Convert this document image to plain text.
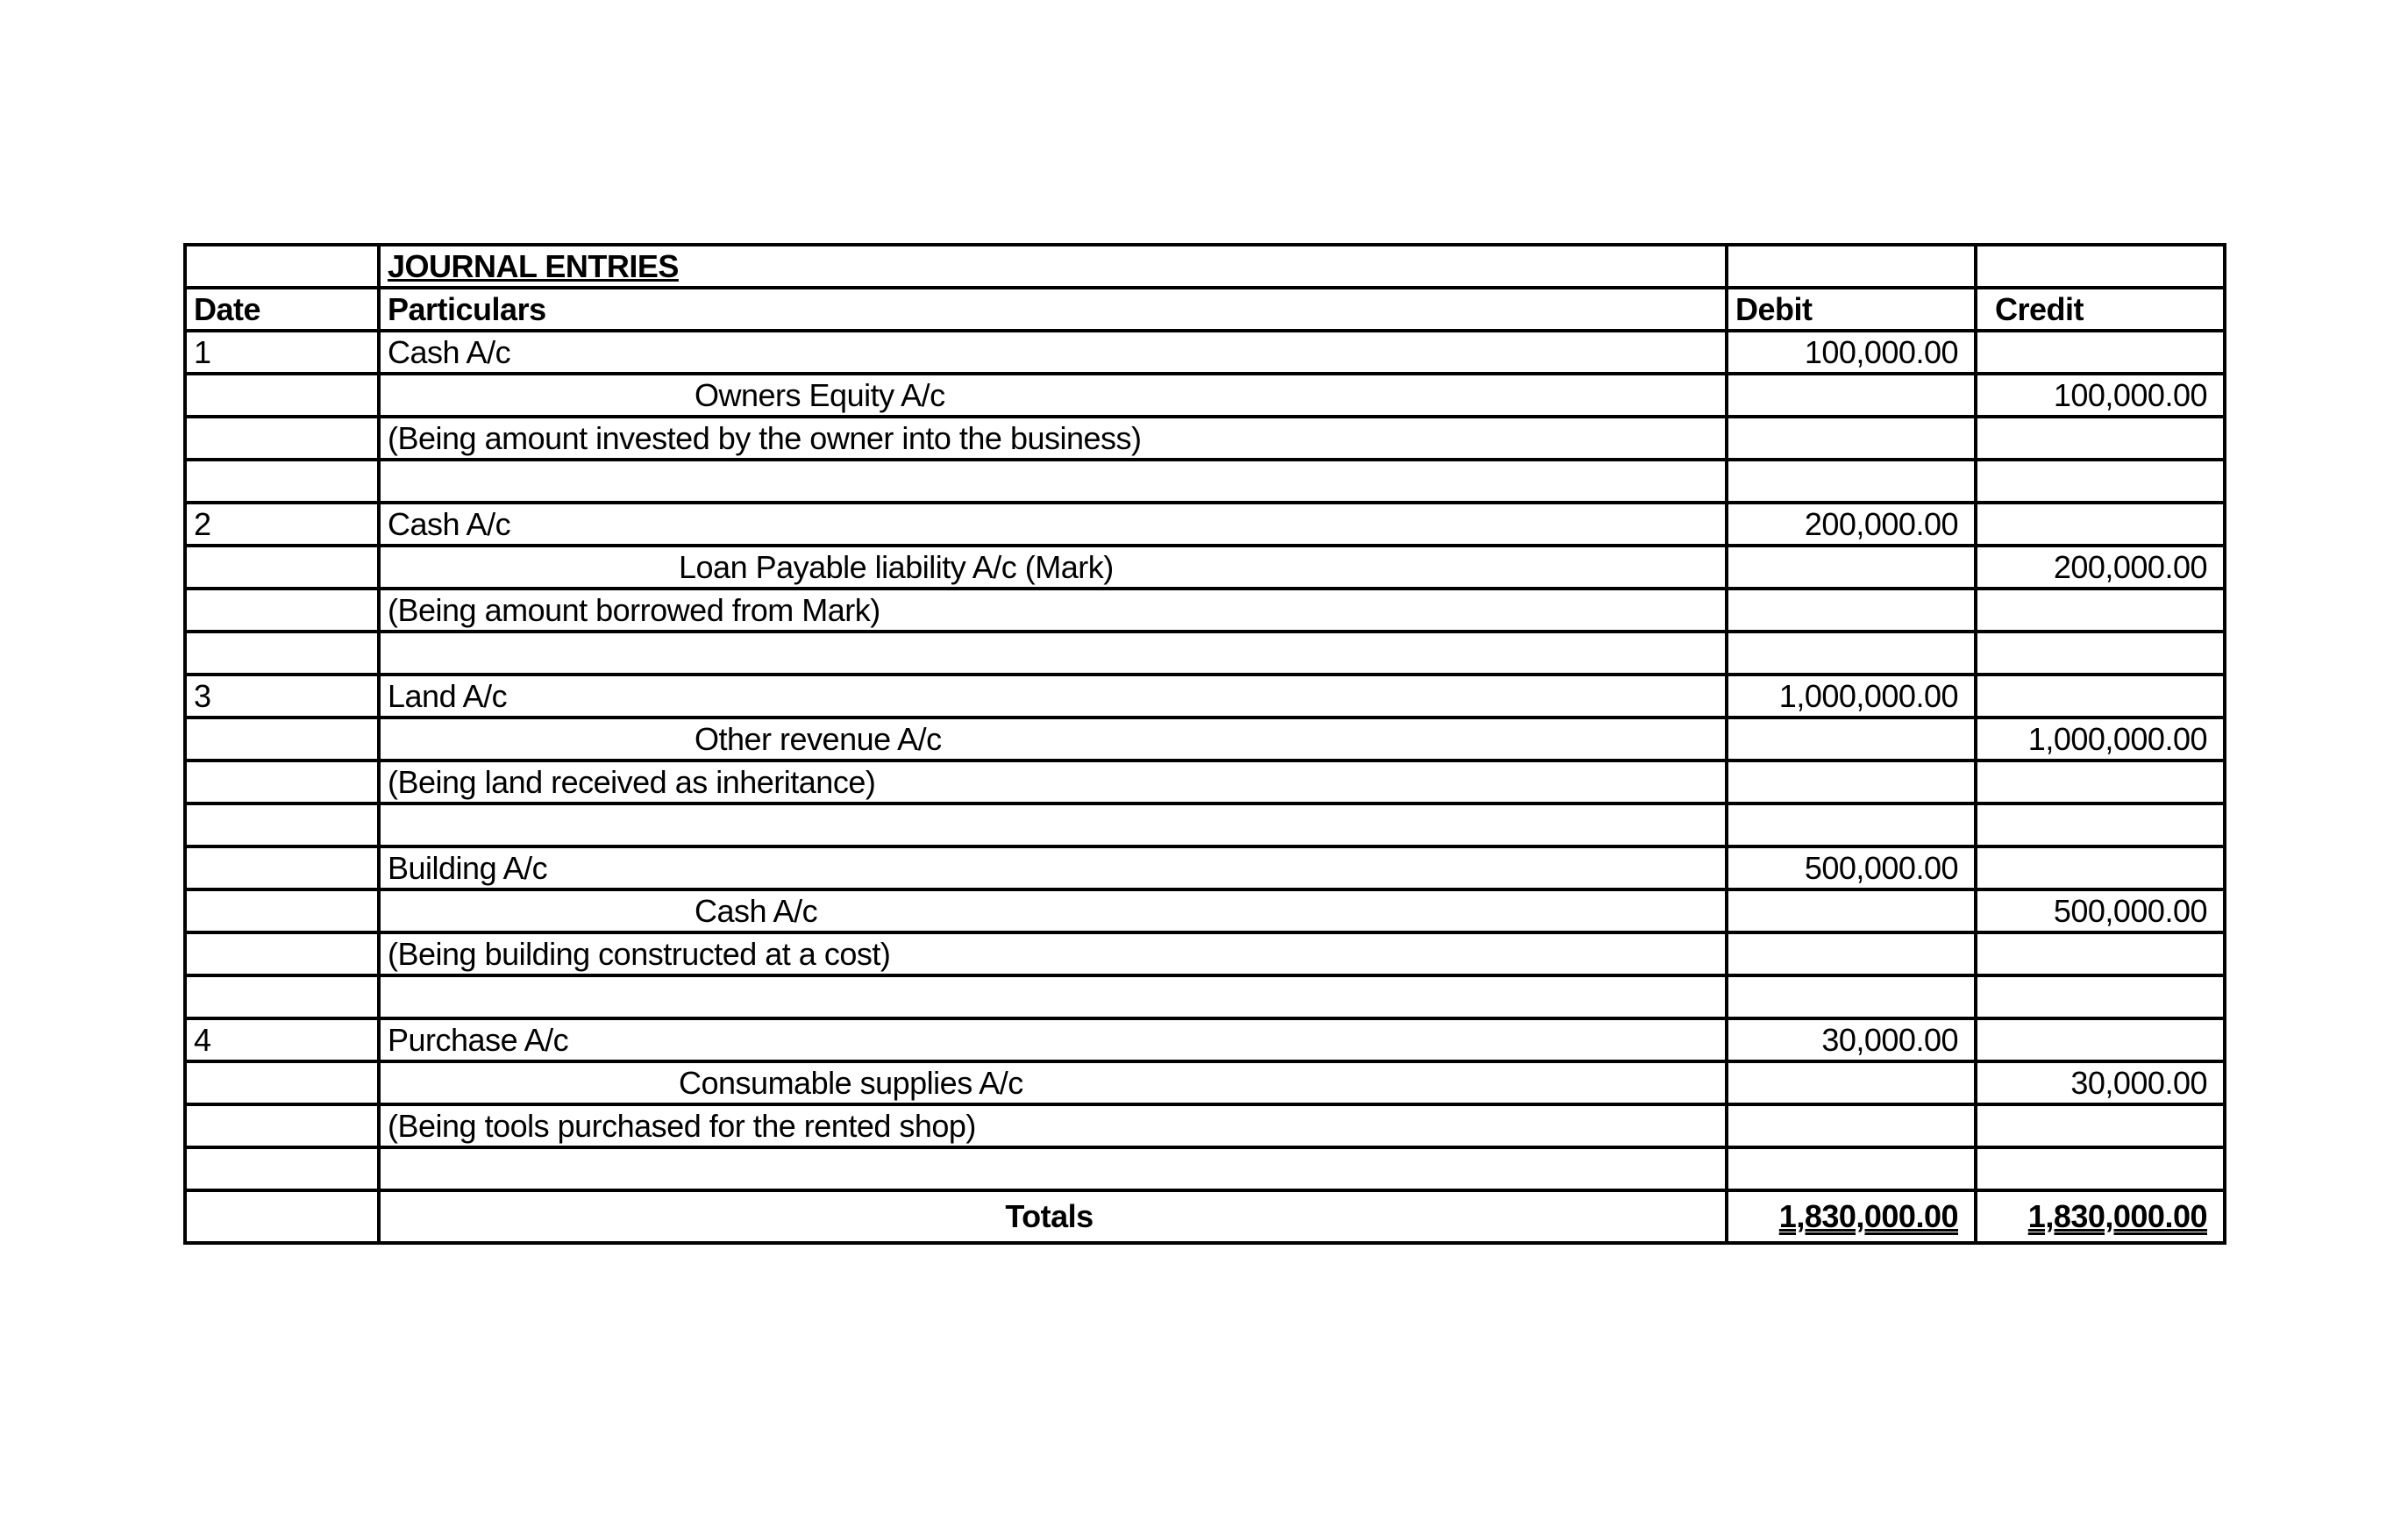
	JOURNAL ENTRIES		
Date	Particulars	Debit	Credit
1	Cash A/c	100,000.00	
	Owners Equity A/c		100,000.00
	(Being amount invested by the owner into the business)		

2	Cash A/c	200,000.00	
	Loan Payable liability A/c (Mark)		200,000.00
	(Being amount borrowed from Mark)		

3	Land A/c	1,000,000.00	
	Other revenue A/c		1,000,000.00
	(Being land received as inheritance)		

	Building A/c	500,000.00	
	Cash A/c		500,000.00
	(Being building constructed at a cost)		

4	Purchase A/c	30,000.00	
	Consumable supplies A/c		30,000.00
	(Being tools purchased for the rented shop)		

	Totals	1,830,000.00	1,830,000.00
